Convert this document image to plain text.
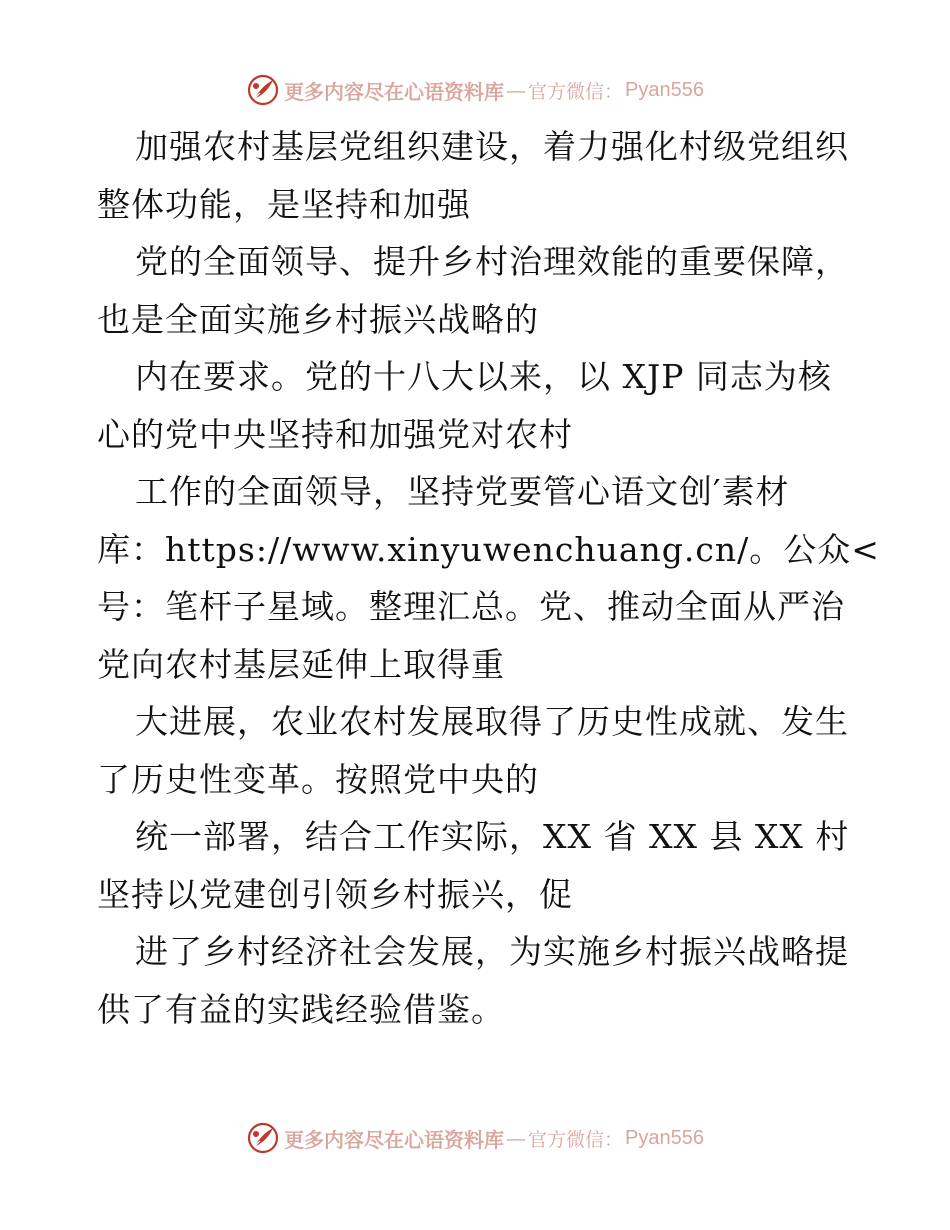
更多内容尽在心语资料库 — 官方微信： Pyan556
加强农村基层党组织建设，着力强化村级党组织
整体功能，是坚持和加强
党的全面领导、提升乡村治理效能的重要保障，
也是全面实施乡村振兴战略的
内在要求。党的十八大以来，以 XJP 同志为核
心的党中央坚持和加强党对农村
工作的全面领导，坚持党要管心语文创′素材
库：https://www.xinyuwenchuang.cn/。公众<
号：笔杆子星域。整理汇总。党、推动全面从严治
党向农村基层延伸上取得重
大进展，农业农村发展取得了历史性成就、发生
了历史性变革。按照党中央的
统一部署，结合工作实际，XX 省 XX 县 XX 村
坚持以党建创引领乡村振兴，促
进了乡村经济社会发展，为实施乡村振兴战略提
供了有益的实践经验借鉴。
更多内容尽在心语资料库 — 官方微信： Pyan556
